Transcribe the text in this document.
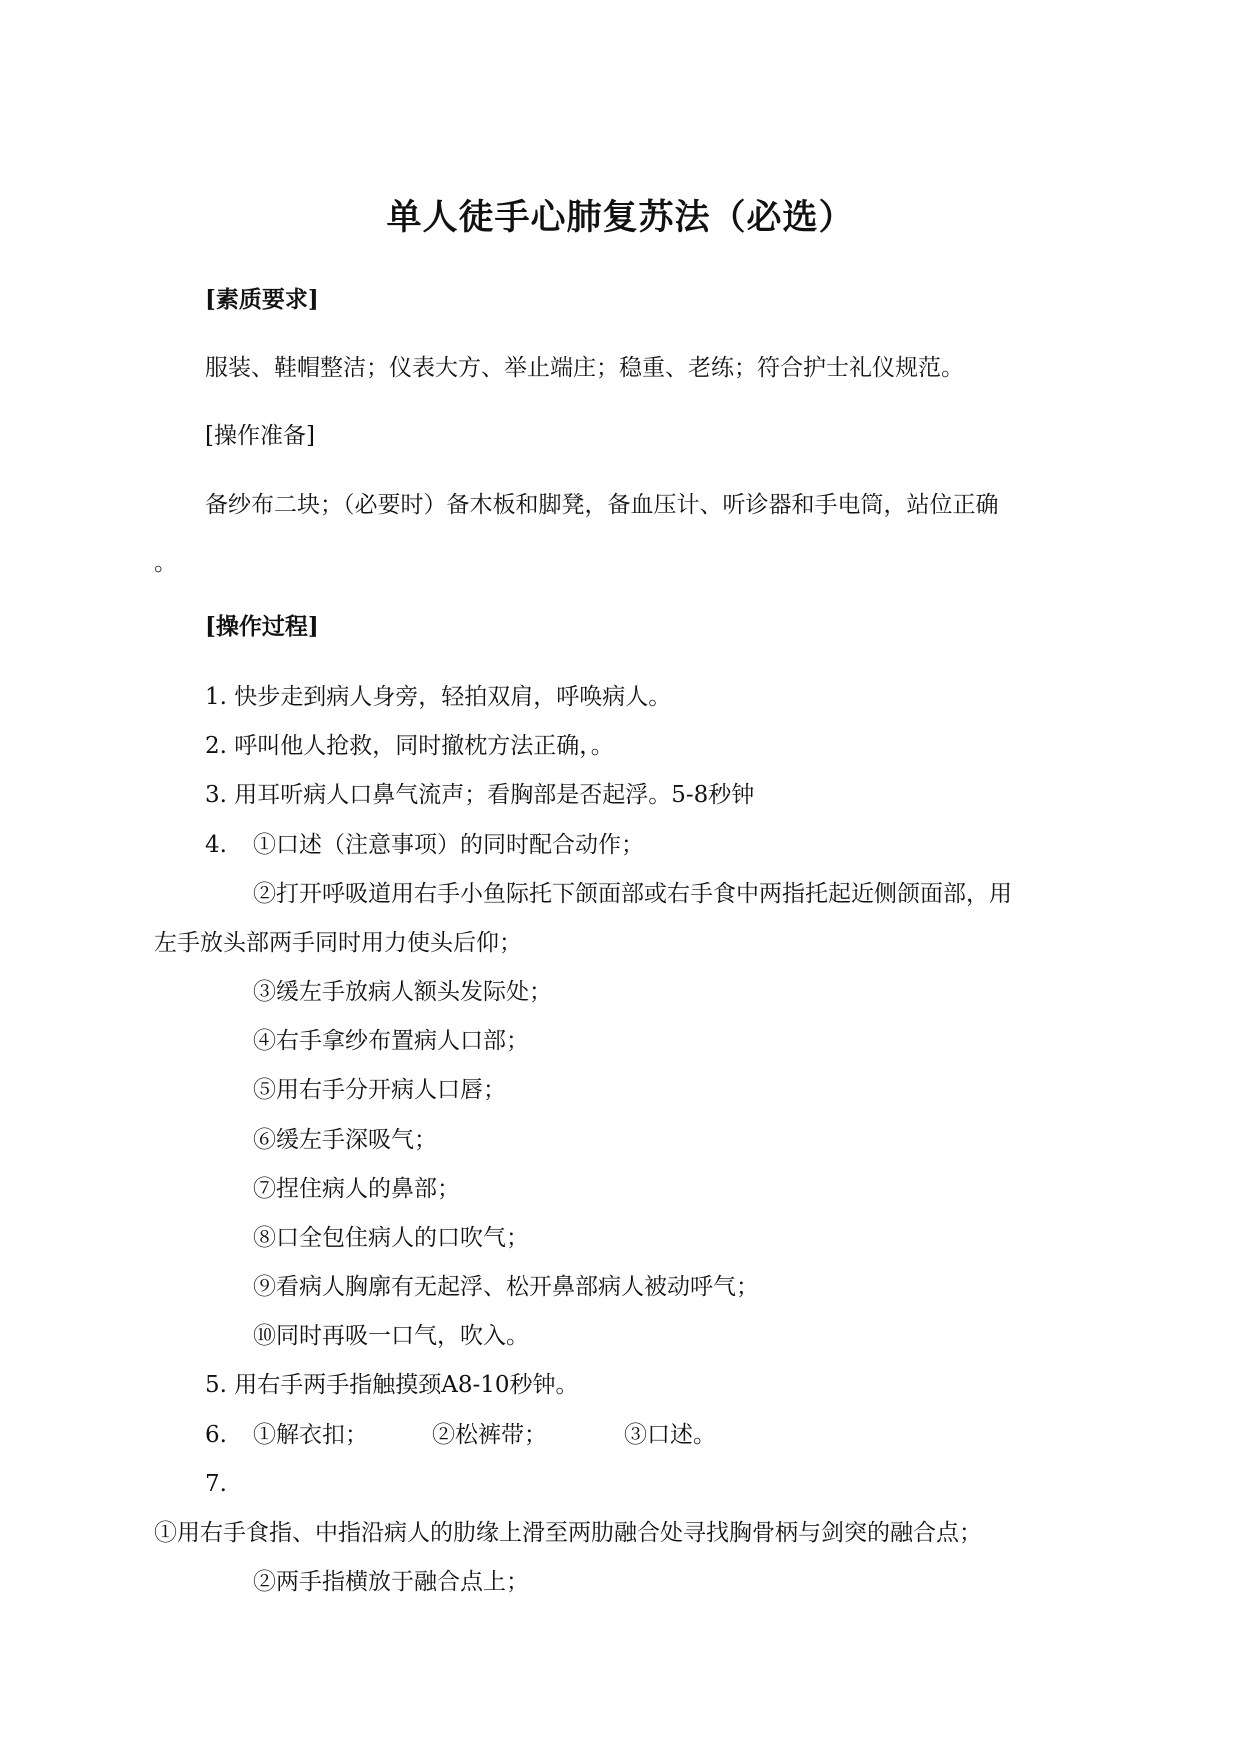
单人徒手心肺复苏法（必选）
[素质要求]
服装、鞋帽整洁；仪表大方、举止端庄；稳重、老练；符合护士礼仪规范。
[操作准备]
备纱布二块；（必要时）备木板和脚凳，备血压计、听诊器和手电筒，站位正确
。
[操作过程]
1. 快步走到病人身旁，轻拍双肩，呼唤病人。
2. 呼叫他人抢救，同时撤枕方法正确，。
3. 用耳听病人口鼻气流声；看胸部是否起浮。5-8秒钟
4. ①口述（注意事项）的同时配合动作；
②打开呼吸道用右手小鱼际托下颌面部或右手食中两指托起近侧颌面部，用
左手放头部两手同时用力使头后仰；
③缓左手放病人额头发际处；
④右手拿纱布置病人口部；
⑤用右手分开病人口唇；
⑥缓左手深吸气；
⑦捏住病人的鼻部；
⑧口全包住病人的口吹气；
⑨看病人胸廓有无起浮、松开鼻部病人被动呼气；
⑩同时再吸一口气，吹入。
5. 用右手两手指触摸颈A8-10秒钟。
6. ①解衣扣；	②松裤带；	③口述。
7.
①用右手食指、中指沿病人的肋缘上滑至两肋融合处寻找胸骨柄与剑突的融合点；
②两手指横放于融合点上；
